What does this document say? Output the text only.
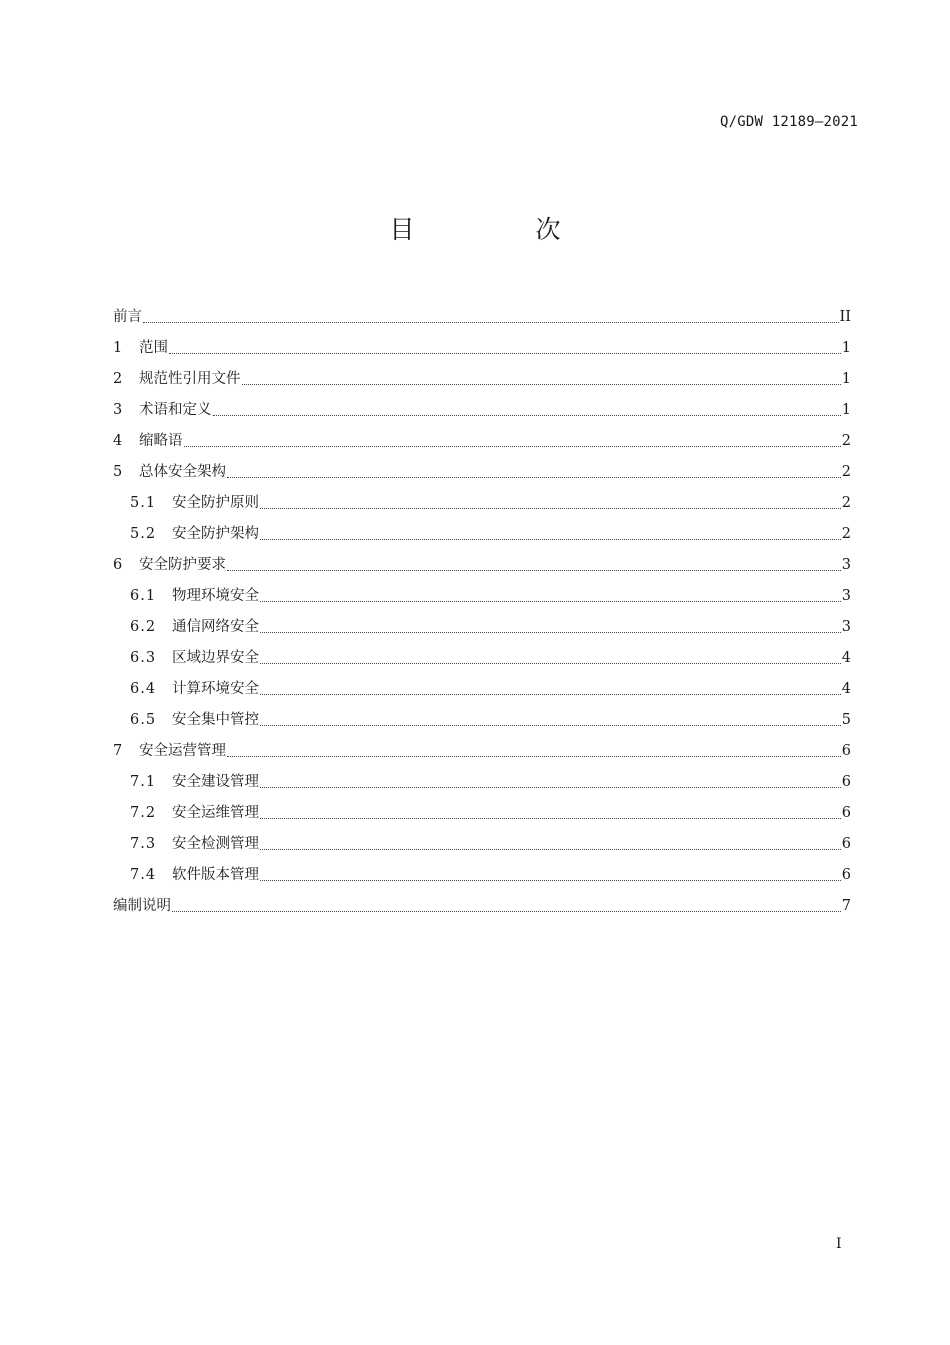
Q/GDW 12189—2021
目　次
前言	II
1	范围	1
2	规范性引用文件	1
3	术语和定义	1
4	缩略语	2
5	总体安全架构	2
5.1	安全防护原则	2
5.2	安全防护架构	2
6	安全防护要求	3
6.1	物理环境安全	3
6.2	通信网络安全	3
6.3	区域边界安全	4
6.4	计算环境安全	4
6.5	安全集中管控	5
7	安全运营管理	6
7.1	安全建设管理	6
7.2	安全运维管理	6
7.3	安全检测管理	6
7.4	软件版本管理	6
编制说明	7
I
